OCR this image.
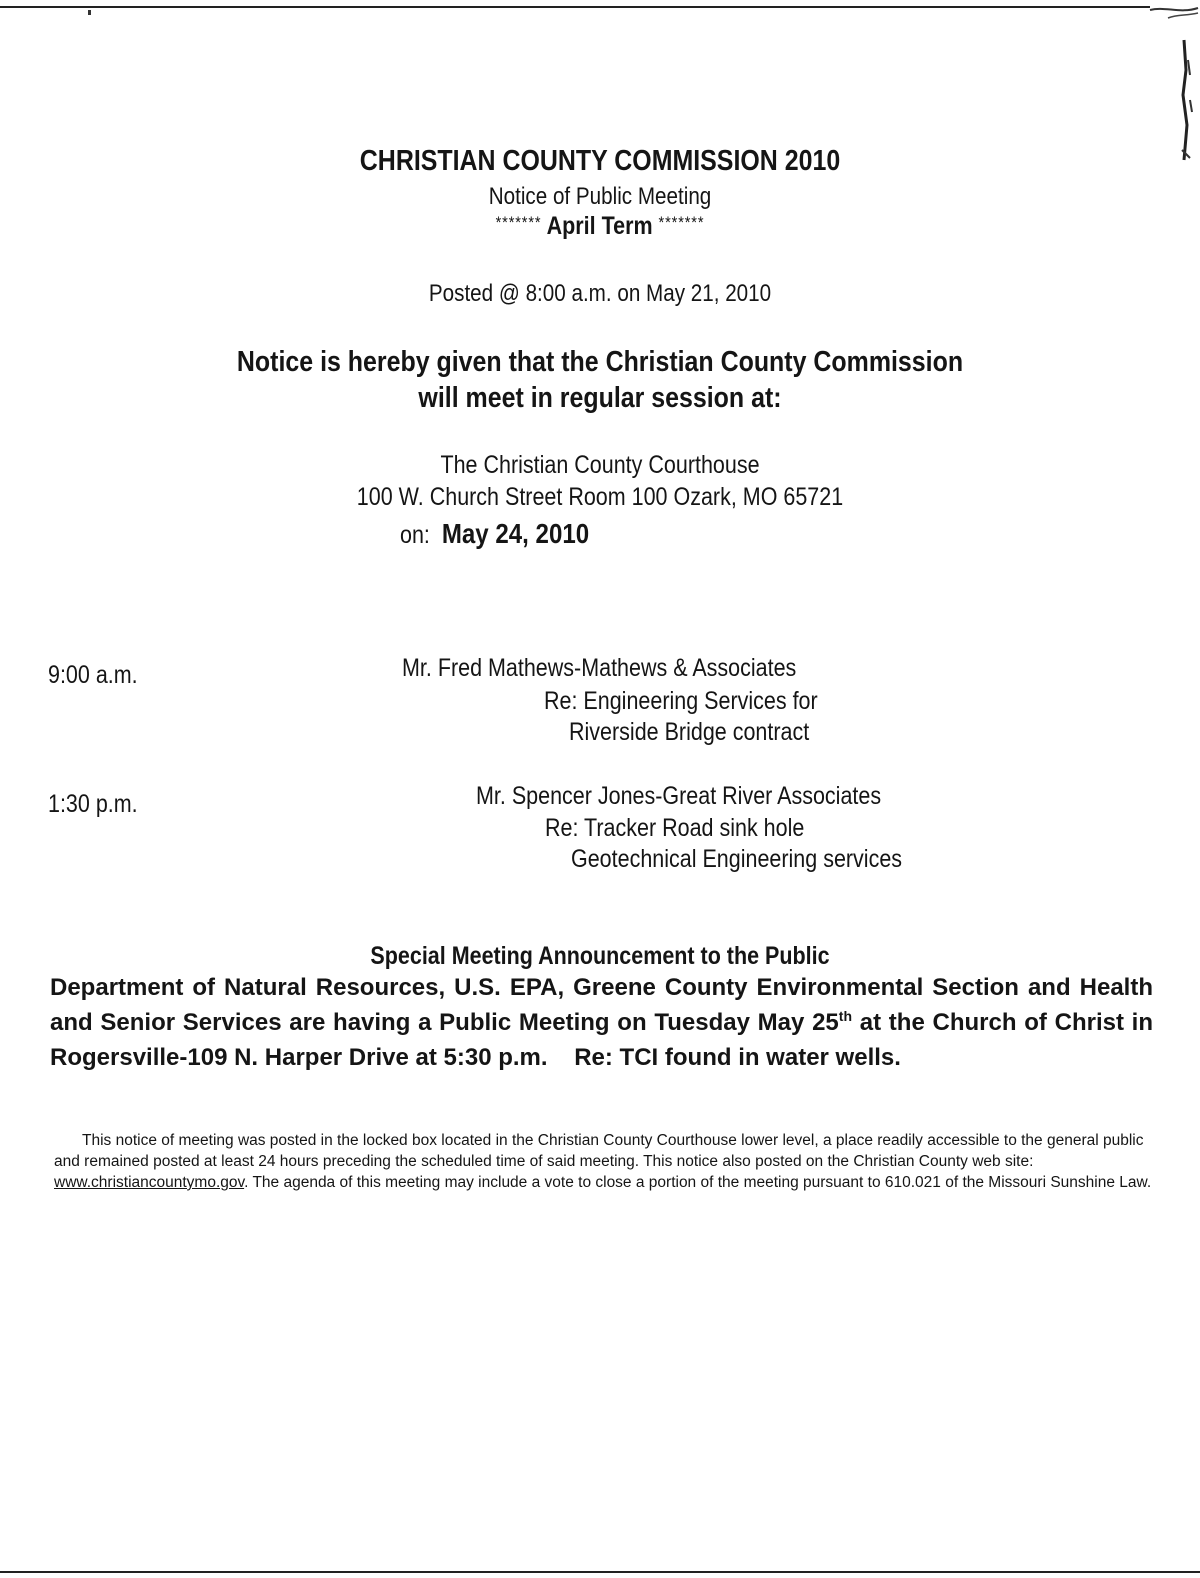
CHRISTIAN COUNTY COMMISSION 2010
Notice of Public Meeting
******* April Term *******
Posted @ 8:00 a.m. on May 21, 2010
Notice is hereby given that the Christian County Commission
will meet in regular session at:
The Christian County Courthouse
100 W. Church Street Room 100 Ozark, MO 65721
on: May 24, 2010
9:00 a.m.	Mr. Fred Mathews-Mathews & Associates
Re: Engineering Services for
Riverside Bridge contract
1:30 p.m.	Mr. Spencer Jones-Great River Associates
Re: Tracker Road sink hole
Geotechnical Engineering services
Special Meeting Announcement to the Public
Department of Natural Resources, U.S. EPA, Greene County Environmental Section and Health and Senior Services are having a Public Meeting on Tuesday May 25th at the Church of Christ in Rogersville-109 N. Harper Drive at 5:30 p.m. Re: TCI found in water wells.
This notice of meeting was posted in the locked box located in the Christian County Courthouse lower level, a place readily accessible to the general public and remained posted at least 24 hours preceding the scheduled time of said meeting. This notice also posted on the Christian County web site: www.christiancountymo.gov. The agenda of this meeting may include a vote to close a portion of the meeting pursuant to 610.021 of the Missouri Sunshine Law.
